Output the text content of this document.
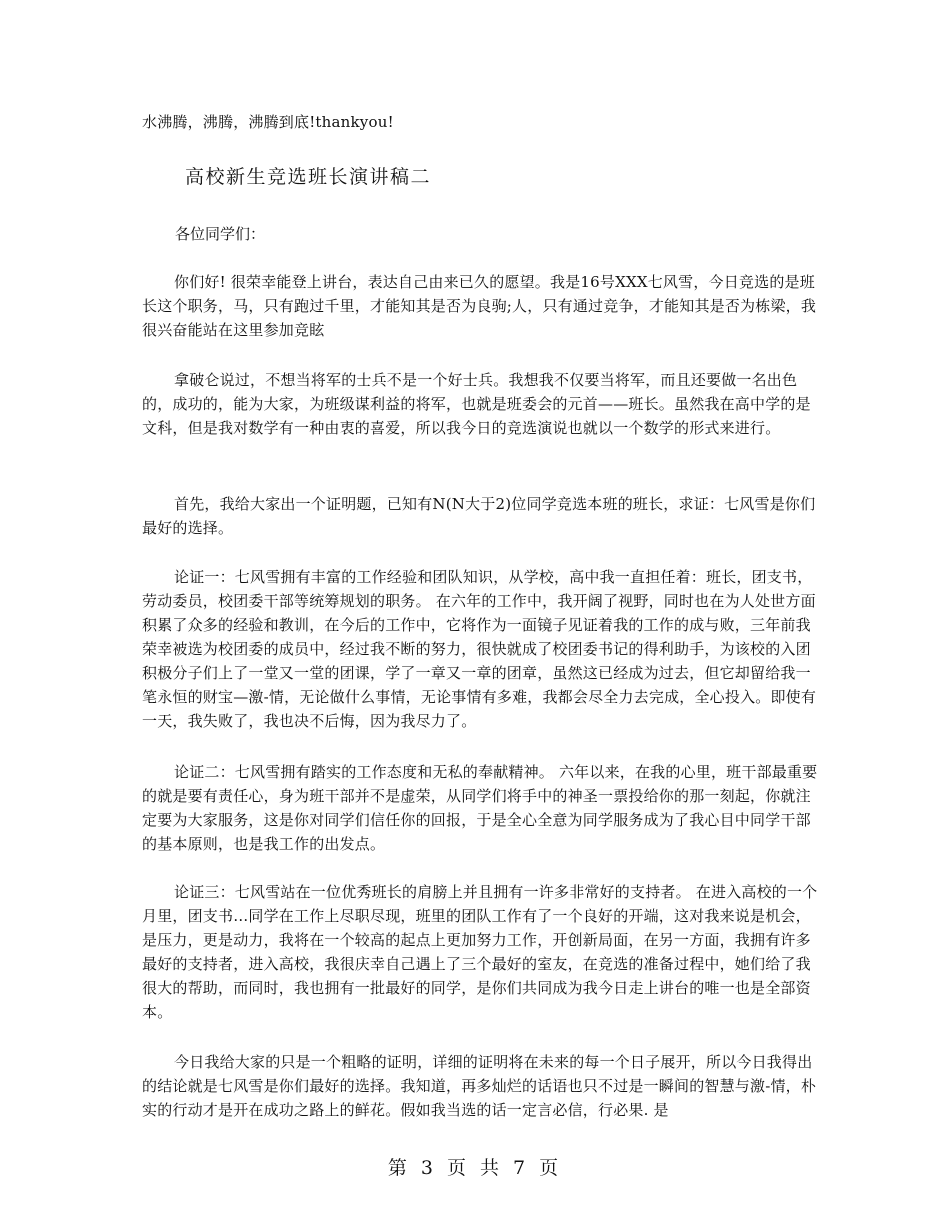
水沸腾，沸腾，沸腾到底!thankyou!
高校新生竞选班长演讲稿二
各位同学们：
你们好! 很荣幸能登上讲台，表达自己由来已久的愿望。我是16号XXX七风雪，今日竞选的是班长这个职务，马，只有跑过千里，才能知其是否为良驹;人，只有通过竞争，才能知其是否为栋梁，我很兴奋能站在这里参加竞眩
拿破仑说过，不想当将军的士兵不是一个好士兵。我想我不仅要当将军，而且还要做一名出色的，成功的，能为大家，为班级谋利益的将军，也就是班委会的元首——班长。虽然我在高中学的是文科，但是我对数学有一种由衷的喜爱，所以我今日的竞选演说也就以一个数学的形式来进行。
首先，我给大家出一个证明题，已知有N(N大于2)位同学竞选本班的班长，求证：七风雪是你们最好的选择。
论证一：七风雪拥有丰富的工作经验和团队知识，从学校，高中我一直担任着：班长，团支书，劳动委员，校团委干部等统筹规划的职务。 在六年的工作中，我开阔了视野，同时也在为人处世方面积累了众多的经验和教训，在今后的工作中，它将作为一面镜子见证着我的工作的成与败，三年前我荣幸被选为校团委的成员中，经过我不断的努力，很快就成了校团委书记的得利助手，为该校的入团积极分子们上了一堂又一堂的团课，学了一章又一章的团章，虽然这已经成为过去，但它却留给我一笔永恒的财宝—激-情，无论做什么事情，无论事情有多难，我都会尽全力去完成，全心投入。即使有一天，我失败了，我也决不后悔，因为我尽力了。
论证二：七风雪拥有踏实的工作态度和无私的奉献精神。 六年以来，在我的心里，班干部最重要的就是要有责任心，身为班干部并不是虚荣，从同学们将手中的神圣一票投给你的那一刻起，你就注定要为大家服务，这是你对同学们信任你的回报，于是全心全意为同学服务成为了我心目中同学干部的基本原则，也是我工作的出发点。
论证三：七风雪站在一位优秀班长的肩膀上并且拥有一许多非常好的支持者。 在进入高校的一个月里，团支书…同学在工作上尽职尽现，班里的团队工作有了一个良好的开端，这对我来说是机会，是压力，更是动力，我将在一个较高的起点上更加努力工作，开创新局面，在另一方面，我拥有许多最好的支持者，进入高校，我很庆幸自己遇上了三个最好的室友，在竞选的准备过程中，她们给了我很大的帮助，而同时，我也拥有一批最好的同学，是你们共同成为我今日走上讲台的唯一也是全部资本。
今日我给大家的只是一个粗略的证明，详细的证明将在未来的每一个日子展开，所以今日我得出的结论就是七风雪是你们最好的选择。我知道，再多灿烂的话语也只不过是一瞬间的智慧与激-情，朴实的行动才是开在成功之路上的鲜花。假如我当选的话一定言必信，行必果. 是
第 3 页 共 7 页
